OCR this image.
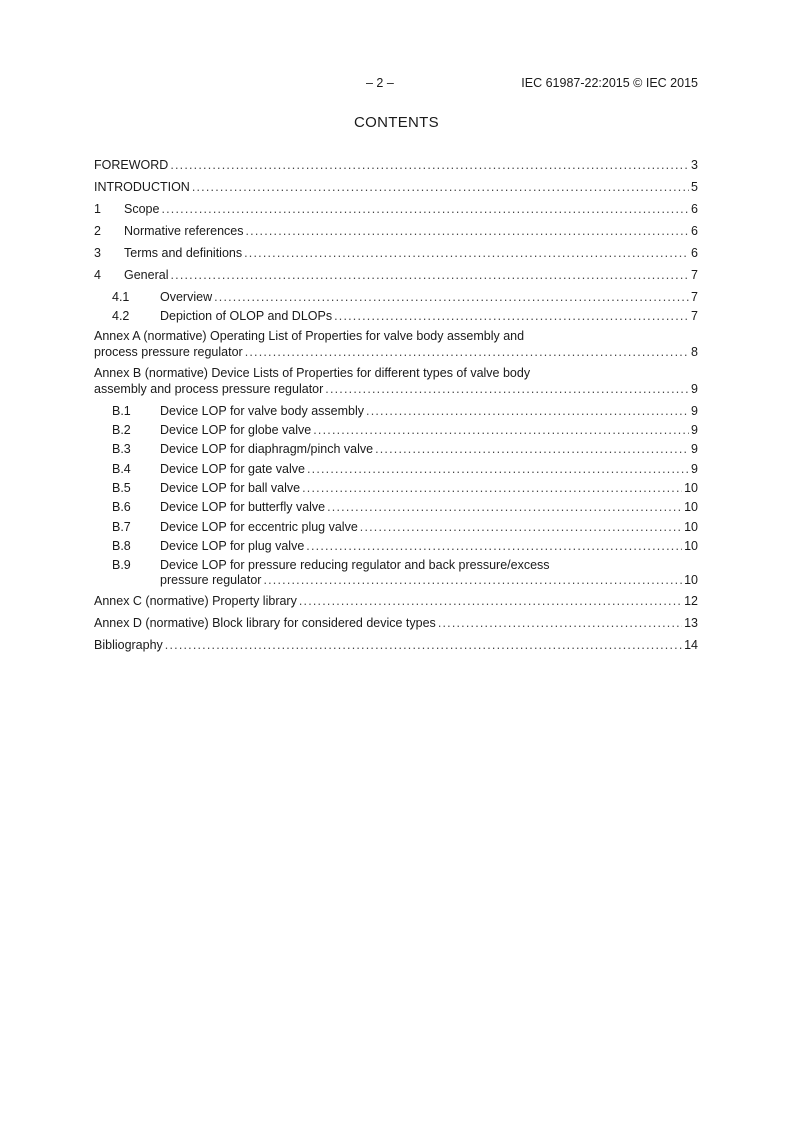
– 2 –	IEC 61987-22:2015 © IEC 2015
CONTENTS
FOREWORD .....	3
INTRODUCTION .....	5
1	Scope .....	6
2	Normative references .....	6
3	Terms and definitions .....	6
4	General .....	7
4.1	Overview .....	7
4.2	Depiction of OLOP and DLOPs .....	7
Annex A (normative) Operating List of Properties for valve body assembly and
process pressure regulator .....	8
Annex B (normative) Device Lists of Properties for different types of valve body
assembly and process pressure regulator .....	9
B.1	Device LOP for valve body assembly .....	9
B.2	Device LOP for globe valve .....	9
B.3	Device LOP for diaphragm/pinch valve .....	9
B.4	Device LOP for gate valve .....	9
B.5	Device LOP for ball valve .....	10
B.6	Device LOP for butterfly valve .....	10
B.7	Device LOP for eccentric plug valve .....	10
B.8	Device LOP for plug valve .....	10
B.9	Device LOP for pressure reducing regulator and back pressure/excess
pressure regulator .....	10
Annex C (normative) Property library .....	12
Annex D (normative) Block library for considered device types .....	13
Bibliography .....	14
